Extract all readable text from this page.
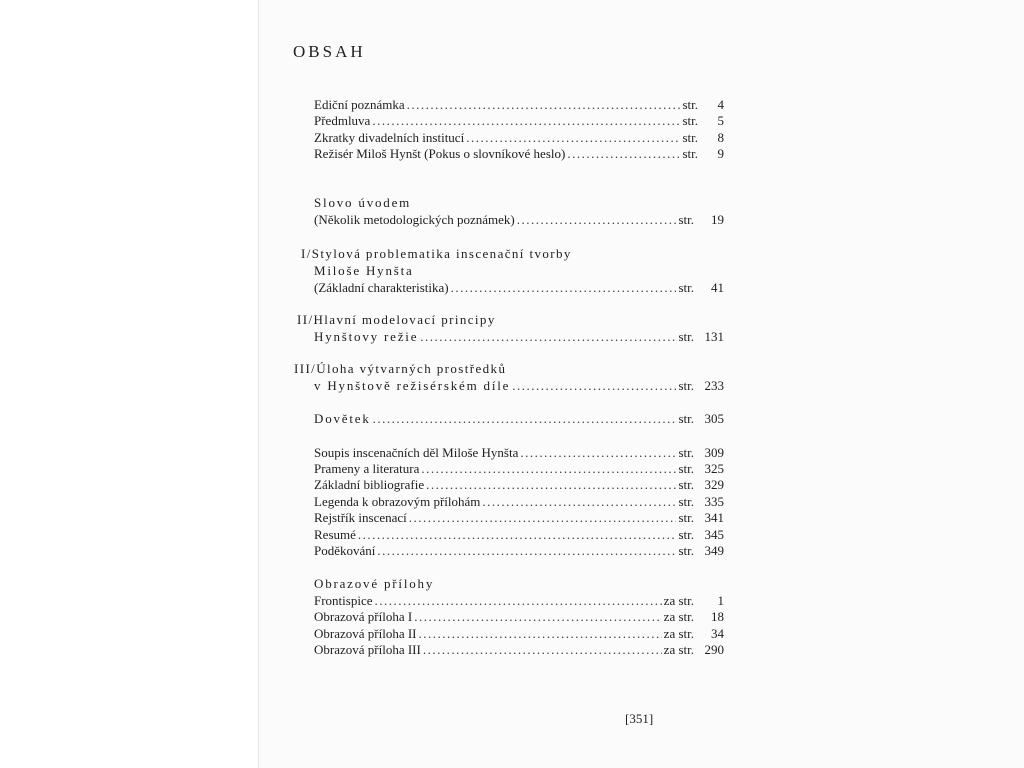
OBSAH
Ediční poznámka .....	str.	4
Předmluva .....	str.	5
Zkratky divadelních institucí .....	str.	8
Režisér Miloš Hynšt (Pokus o slovníkové heslo) .....	str.	9
Slovo úvodem
(Několik metodologických poznámek) .....	str.	19
I/Stylová problematika inscenační tvorby
Miloše Hynšta
(Základní charakteristika) .....	str.	41
II/Hlavní modelovací principy
Hynštovy režie .....	str. 131
III/Úloha výtvarných prostředků
v Hynštově režisérském díle .....	str. 233
Dovětek .....	str. 305
Soupis inscenačních děl Miloše Hynšta .....	str. 309
Prameny a literatura .....	str. 325
Základní bibliografie .....	str. 329
Legenda k obrazovým přílohám .....	str. 335
Rejstřík inscenací .....	str. 341
Resumé .....	str. 345
Poděkování .....	str. 349
Obrazové přílohy
Frontispice .....	za str.	1
Obrazová příloha I .....	za str.	18
Obrazová příloha II .....	za str.	34
Obrazová příloha III .....	za str. 290
[351]
